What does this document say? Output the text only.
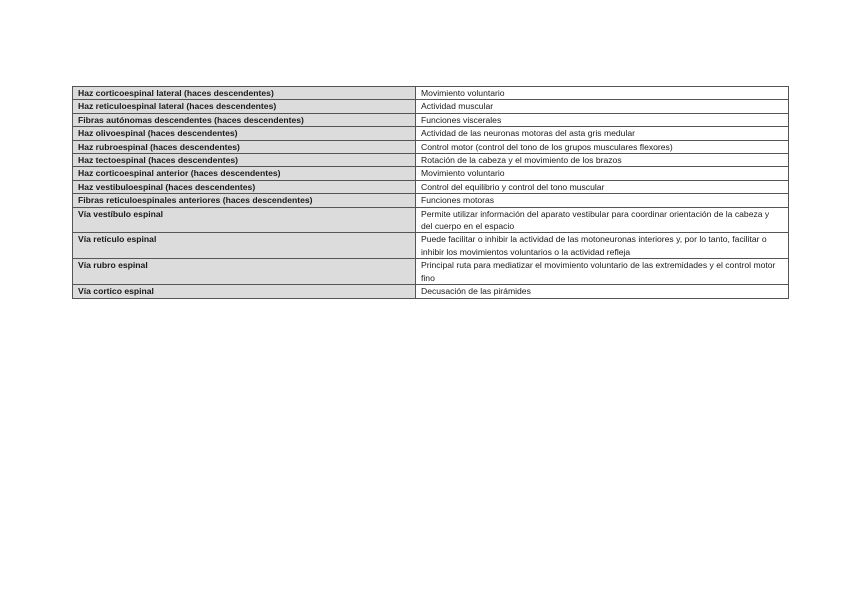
Haz corticoespinal lateral (haces descendentes)	Movimiento voluntario
Haz reticuloespinal lateral (haces descendentes)	Actividad muscular
Fibras autónomas descendentes (haces descendentes)	Funciones viscerales
Haz olivoespinal (haces descendentes)	Actividad de las neuronas motoras del asta gris medular
Haz rubroespinal (haces descendentes)	Control motor (control del tono de los grupos musculares flexores)
Haz tectoespinal (haces descendentes)	Rotación de la cabeza y el movimiento de los brazos
Haz corticoespinal anterior (haces descendentes)	Movimiento voluntario
Haz vestibuloespinal (haces descendentes)	Control del equilibrio y control del tono muscular
Fibras reticuloespinales anteriores (haces descendentes)	Funciones motoras
Vía vestíbulo espinal	Permite utilizar información del aparato vestibular para coordinar orientación de la cabeza y del cuerpo en el espacio
Vía retículo espinal	Puede facilitar o inhibir la actividad de las motoneuronas interiores y, por lo tanto, facilitar o inhibir los movimientos voluntarios o la actividad refleja
Vía rubro espinal	Principal ruta para mediatizar el movimiento voluntario de las extremidades y el control motor fino
Vía cortico espinal	Decusación de las pirámides
